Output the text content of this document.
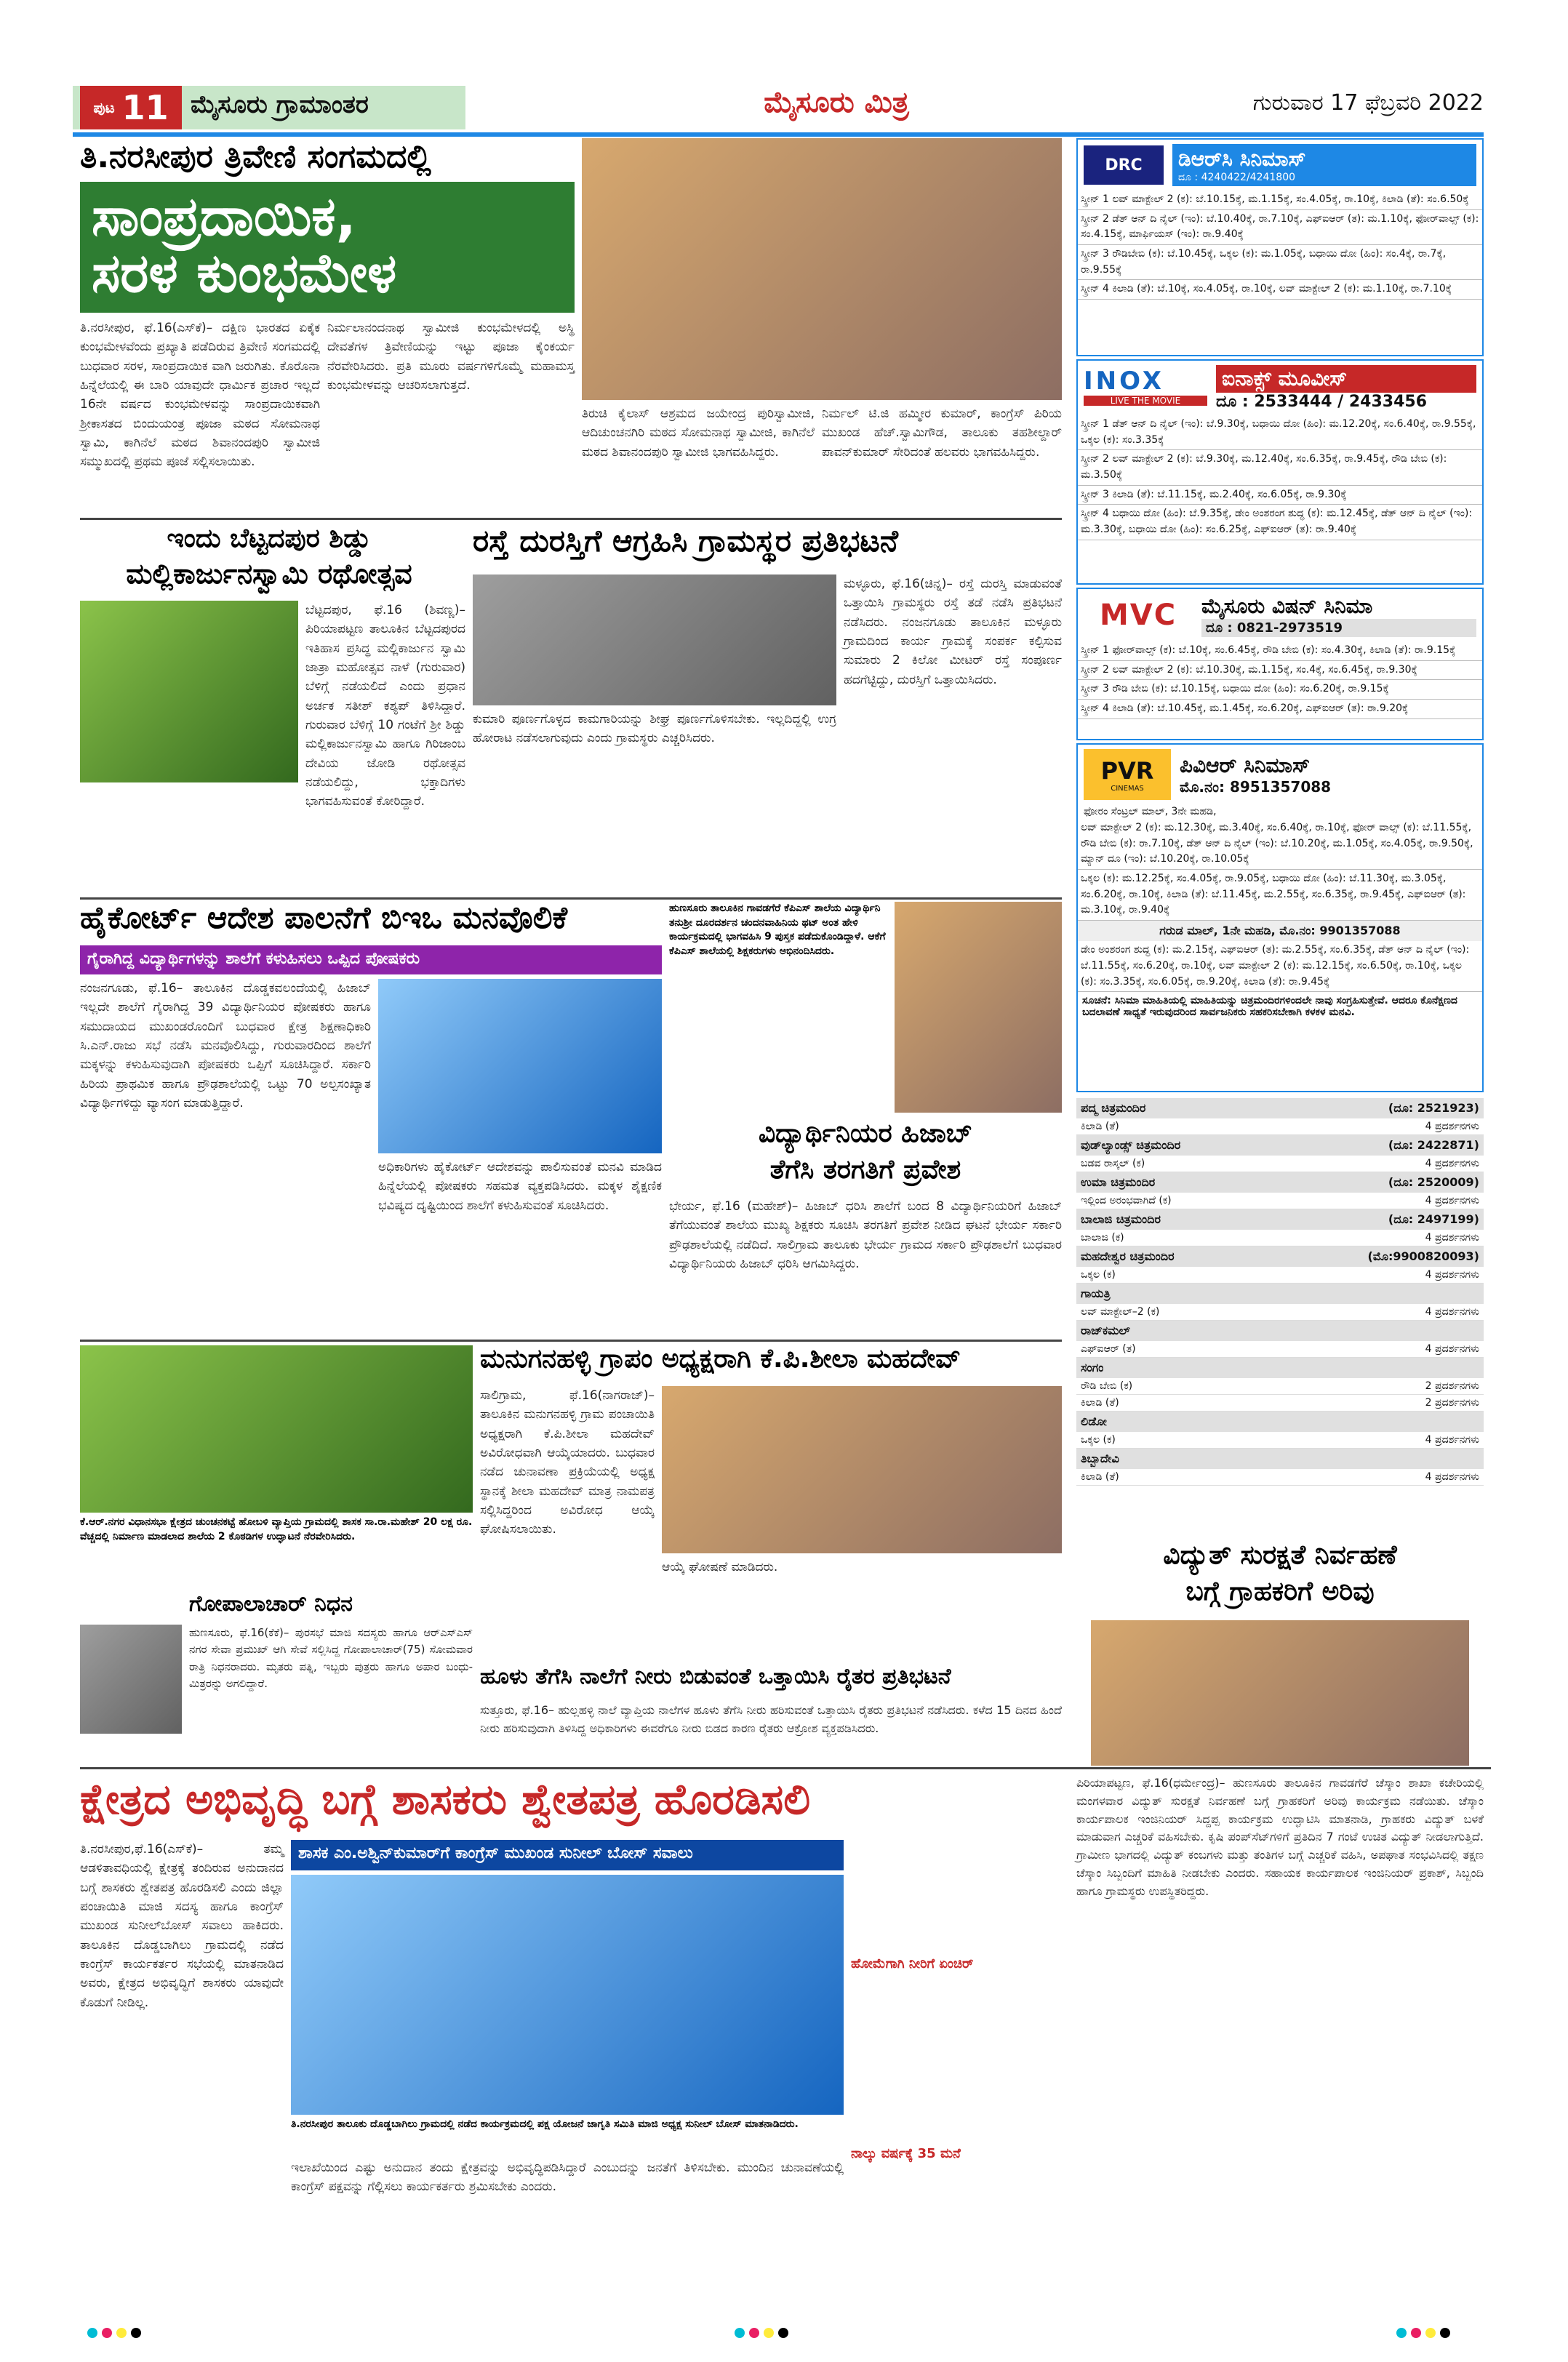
ಪುಟ 11 ಮೈಸೂರು ಗ್ರಾಮಾಂತರ	ಮೈಸೂರು ಮಿತ್ರ	ಗುರುವಾರ 17 ಫೆಬ್ರವರಿ 2022
ತಿ.ನರಸೀಪುರ ತ್ರಿವೇಣಿ ಸಂಗಮದಲ್ಲಿ
ಸಾಂಪ್ರದಾಯಿಕ,
ಸರಳ ಕುಂಭಮೇಳ
ತಿ.ನರಸೀಪುರ, ಫೆ.16(ಎಸ್‌ಕೆ)– ದಕ್ಷಿಣ ಭಾರತದ ಏಕೈಕ ಕುಂಭಮೇಳವೆಂದು ಪ್ರಖ್ಯಾತಿ ಪಡೆದಿರುವ ತ್ರಿವೇಣಿ ಸಂಗಮದಲ್ಲಿ ಬುಧವಾರ ಸರಳ, ಸಾಂಪ್ರದಾಯಿಕ ವಾಗಿ ಜರುಗಿತು. ಕೊರೊನಾ ಹಿನ್ನೆಲೆಯಲ್ಲಿ ಈ ಬಾರಿ ಯಾವುದೇ ಧಾರ್ಮಿಕ ಪ್ರಚಾರ ಇಲ್ಲದೆ 16ನೇ ವರ್ಷದ ಕುಂಭಮೇಳವನ್ನು ಸಾಂಪ್ರದಾಯಿಕವಾಗಿ ಶ್ರೀಕಾಸತದ ಬಿಂದುಯಂತ್ರ ಪೂಜಾ ಮಠದ ಸೋಮನಾಥ ಸ್ವಾಮಿ, ಕಾಗಿನೆಲೆ ಮಠದ ಶಿವಾನಂದಪುರಿ ಸ್ವಾಮೀಜಿ ಸಮ್ಮುಖದಲ್ಲಿ ಪ್ರಥಮ ಪೂಜೆ ಸಲ್ಲಿಸಲಾಯಿತು.
ನಿರ್ಮಲಾನಂದನಾಥ ಸ್ವಾಮೀಜಿ ಕುಂಭಮೇಳದಲ್ಲಿ ಅಸ್ಥಿ ದೇವತೆಗಳ ತ್ರಿವೇಣಿಯನ್ನು ಇಟ್ಟು ಪೂಜಾ ಕೈಂಕರ್ಯ ನೆರವೇರಿಸಿದರು. ಪ್ರತಿ ಮೂರು ವರ್ಷಗಳಿಗೊಮ್ಮೆ ಮಹಾಮಸ್ತ ಕುಂಭಮೇಳವನ್ನು ಆಚರಿಸಲಾಗುತ್ತದೆ.
ತಿರುಚಿ ಕೈಲಾಸ್ ಆಶ್ರಮದ ಜಯೇಂದ್ರ ಪುರಿಸ್ವಾಮೀಜಿ, ಆದಿಚುಂಚನಗಿರಿ ಮಠದ ಸೋಮನಾಥ ಸ್ವಾಮೀಜಿ, ಕಾಗಿನೆಲೆ ಮಠದ ಶಿವಾನಂದಪುರಿ ಸ್ವಾಮೀಜಿ ಭಾಗವಹಿಸಿದ್ದರು.
ನಿರ್ಮಲ್ ಟಿ.ಜಿ ಹಮ್ಮೀರ ಕುಮಾರ್, ಕಾಂಗ್ರೆಸ್ ಪಿರಿಯ ಮುಖಂಡ ಹೆಚ್.ಸ್ವಾಮಿಗೌಡ, ತಾಲೂಕು ತಹಶೀಲ್ದಾರ್ ಪಾವನ್‌ಕುಮಾರ್ ಸೇರಿದಂತೆ ಹಲವರು ಭಾಗವಹಿಸಿದ್ದರು.
ಇಂದು ಬೆಟ್ಟದಪುರ ಶಿಡ್ಡು
ಮಲ್ಲಿಕಾರ್ಜುನಸ್ವಾಮಿ ರಥೋತ್ಸವ
ಬೆಟ್ಟದಪುರ, ಫೆ.16 (ಶಿವಣ್ಣ)– ಪಿರಿಯಾಪಟ್ಟಣ ತಾಲೂಕಿನ ಬೆಟ್ಟದಪುರದ ಇತಿಹಾಸ ಪ್ರಸಿದ್ಧ ಮಲ್ಲಿಕಾರ್ಜುನ ಸ್ವಾಮಿ ಜಾತ್ರಾ ಮಹೋತ್ಸವ ನಾಳೆ (ಗುರುವಾರ) ಬೆಳಿಗ್ಗೆ ನಡೆಯಲಿದೆ ಎಂದು ಪ್ರಧಾನ ಅರ್ಚಕ ಸತೀಶ್ ಕಶ್ಯಪ್ ತಿಳಿಸಿದ್ದಾರೆ. ಗುರುವಾರ ಬೆಳಿಗ್ಗೆ 10 ಗಂಟೆಗೆ ಶ್ರೀ ಶಿಡ್ಡು ಮಲ್ಲಿಕಾರ್ಜುನಸ್ವಾಮಿ ಹಾಗೂ ಗಿರಿಜಾಂಬ ದೇವಿಯ ಜೋಡಿ ರಥೋತ್ಸವ ನಡೆಯಲಿದ್ದು, ಭಕ್ತಾದಿಗಳು ಭಾಗವಹಿಸುವಂತೆ ಕೋರಿದ್ದಾರೆ.
ರಸ್ತೆ ದುರಸ್ತಿಗೆ ಆಗ್ರಹಿಸಿ ಗ್ರಾಮಸ್ಥರ ಪ್ರತಿಭಟನೆ
ಮಳ್ಳೂರು, ಫೆ.16(ಚಿನ್ನ)– ರಸ್ತೆ ದುರಸ್ತಿ ಮಾಡುವಂತೆ ಒತ್ತಾಯಿಸಿ ಗ್ರಾಮಸ್ಥರು ರಸ್ತೆ ತಡೆ ನಡೆಸಿ ಪ್ರತಿಭಟನೆ ನಡೆಸಿದರು. ನಂಜನಗೂಡು ತಾಲೂಕಿನ ಮಳ್ಳೂರು ಗ್ರಾಮದಿಂದ ಕಾರ್ಯ ಗ್ರಾಮಕ್ಕೆ ಸಂಪರ್ಕ ಕಲ್ಪಿಸುವ ಸುಮಾರು 2 ಕಿಲೋ ಮೀಟರ್ ರಸ್ತೆ ಸಂಪೂರ್ಣ ಹದಗೆಟ್ಟಿದ್ದು, ದುರಸ್ತಿಗೆ ಒತ್ತಾಯಿಸಿದರು.
ಕುಮಾರಿ ಪೂರ್ಣಗೊಳ್ಳದ ಕಾಮಗಾರಿಯನ್ನು ಶೀಘ್ರ ಪೂರ್ಣಗೊಳಿಸಬೇಕು. ಇಲ್ಲದಿದ್ದಲ್ಲಿ ಉಗ್ರ ಹೋರಾಟ ನಡೆಸಲಾಗುವುದು ಎಂದು ಗ್ರಾಮಸ್ಥರು ಎಚ್ಚರಿಸಿದರು.
ಹೈಕೋರ್ಟ್ ಆದೇಶ ಪಾಲನೆಗೆ ಬಿಇಒ ಮನವೊಲಿಕೆ
ಗೈರಾಗಿದ್ದ ವಿದ್ಯಾರ್ಥಿಗಳನ್ನು ಶಾಲೆಗೆ ಕಳುಹಿಸಲು ಒಪ್ಪಿದ ಪೋಷಕರು
ನಂಜನಗೂಡು, ಫೆ.16– ತಾಲೂಕಿನ ದೊಡ್ಡಕವಲಂದೆಯಲ್ಲಿ ಹಿಜಾಬ್ ಇಲ್ಲದೇ ಶಾಲೆಗೆ ಗೈರಾಗಿದ್ದ 39 ವಿದ್ಯಾರ್ಥಿನಿಯರ ಪೋಷಕರು ಹಾಗೂ ಸಮುದಾಯದ ಮುಖಂಡರೊಂದಿಗೆ ಬುಧವಾರ ಕ್ಷೇತ್ರ ಶಿಕ್ಷಣಾಧಿಕಾರಿ ಸಿ.ಎನ್.ರಾಜು ಸಭೆ ನಡೆಸಿ ಮನವೊಲಿಸಿದ್ದು, ಗುರುವಾರದಿಂದ ಶಾಲೆಗೆ ಮಕ್ಕಳನ್ನು ಕಳುಹಿಸುವುದಾಗಿ ಪೋಷಕರು ಒಪ್ಪಿಗೆ ಸೂಚಿಸಿದ್ದಾರೆ. ಸರ್ಕಾರಿ ಹಿರಿಯ ಪ್ರಾಥಮಿಕ ಹಾಗೂ ಪ್ರೌಢಶಾಲೆಯಲ್ಲಿ ಒಟ್ಟು 70 ಅಲ್ಪಸಂಖ್ಯಾತ ವಿದ್ಯಾರ್ಥಿಗಳಿದ್ದು ವ್ಯಾಸಂಗ ಮಾಡುತ್ತಿದ್ದಾರೆ.
ಅಧಿಕಾರಿಗಳು ಹೈಕೋರ್ಟ್ ಆದೇಶವನ್ನು ಪಾಲಿಸುವಂತೆ ಮನವಿ ಮಾಡಿದ ಹಿನ್ನೆಲೆಯಲ್ಲಿ ಪೋಷಕರು ಸಹಮತ ವ್ಯಕ್ತಪಡಿಸಿದರು. ಮಕ್ಕಳ ಶೈಕ್ಷಣಿಕ ಭವಿಷ್ಯದ ದೃಷ್ಟಿಯಿಂದ ಶಾಲೆಗೆ ಕಳುಹಿಸುವಂತೆ ಸೂಚಿಸಿದರು.
ಹುಣಸೂರು ತಾಲೂಕಿನ ಗಾವಡಗೆರೆ ಕೆಪಿಎಸ್ ಶಾಲೆಯ ವಿದ್ಯಾರ್ಥಿನಿ ತನುಶ್ರೀ ದೂರದರ್ಶನ ಚಂದನವಾಹಿನಿಯ ಥಟ್ ಅಂತ ಹೇಳಿ ಕಾರ್ಯಕ್ರಮದಲ್ಲಿ ಭಾಗವಹಿಸಿ 9 ಪುಸ್ತಕ ಪಡೆದುಕೊಂಡಿದ್ದಾಳೆ. ಆಕೆಗೆ ಕೆಪಿಎಸ್ ಶಾಲೆಯಲ್ಲಿ ಶಿಕ್ಷಕರುಗಳು ಅಭಿನಂದಿಸಿದರು.
ವಿದ್ಯಾರ್ಥಿನಿಯರ ಹಿಜಾಬ್
ತೆಗೆಸಿ ತರಗತಿಗೆ ಪ್ರವೇಶ
ಭೇರ್ಯ, ಫೆ.16 (ಮಹೇಶ್)– ಹಿಜಾಬ್ ಧರಿಸಿ ಶಾಲೆಗೆ ಬಂದ 8 ವಿದ್ಯಾರ್ಥಿನಿಯರಿಗೆ ಹಿಜಾಬ್ ತೆಗೆಯುವಂತೆ ಶಾಲೆಯ ಮುಖ್ಯ ಶಿಕ್ಷಕರು ಸೂಚಿಸಿ ತರಗತಿಗೆ ಪ್ರವೇಶ ನೀಡಿದ ಘಟನೆ ಭೇರ್ಯ ಸರ್ಕಾರಿ ಪ್ರೌಢಶಾಲೆಯಲ್ಲಿ ನಡೆದಿದೆ. ಸಾಲಿಗ್ರಾಮ ತಾಲೂಕು ಭೇರ್ಯ ಗ್ರಾಮದ ಸರ್ಕಾರಿ ಪ್ರೌಢಶಾಲೆಗೆ ಬುಧವಾರ ವಿದ್ಯಾರ್ಥಿನಿಯರು ಹಿಜಾಬ್ ಧರಿಸಿ ಆಗಮಿಸಿದ್ದರು.
ಕೆ.ಆರ್.ನಗರ ವಿಧಾನಸಭಾ ಕ್ಷೇತ್ರದ ಚುಂಚನಕಟ್ಟೆ ಹೋಬಳಿ ವ್ಯಾಪ್ತಿಯ ಗ್ರಾಮದಲ್ಲಿ ಶಾಸಕ ಸಾ.ರಾ.ಮಹೇಶ್ 20 ಲಕ್ಷ ರೂ. ವೆಚ್ಚದಲ್ಲಿ ನಿರ್ಮಾಣ ಮಾಡಲಾದ ಶಾಲೆಯ 2 ಕೊಠಡಿಗಳ ಉದ್ಘಾಟನೆ ನೆರವೇರಿಸಿದರು.
ಮನುಗನಹಳ್ಳಿ ಗ್ರಾಪಂ ಅಧ್ಯಕ್ಷರಾಗಿ ಕೆ.ಪಿ.ಶೀಲಾ ಮಹದೇವ್
ಸಾಲಿಗ್ರಾಮ, ಫೆ.16(ನಾಗರಾಜ್)– ತಾಲೂಕಿನ ಮನುಗನಹಳ್ಳಿ ಗ್ರಾಮ ಪಂಚಾಯಿತಿ ಅಧ್ಯಕ್ಷರಾಗಿ ಕೆ.ಪಿ.ಶೀಲಾ ಮಹದೇವ್ ಅವಿರೋಧವಾಗಿ ಆಯ್ಕೆಯಾದರು. ಬುಧವಾರ ನಡೆದ ಚುನಾವಣಾ ಪ್ರಕ್ರಿಯೆಯಲ್ಲಿ ಅಧ್ಯಕ್ಷ ಸ್ಥಾನಕ್ಕೆ ಶೀಲಾ ಮಹದೇವ್ ಮಾತ್ರ ನಾಮಪತ್ರ ಸಲ್ಲಿಸಿದ್ದರಿಂದ ಅವಿರೋಧ ಆಯ್ಕೆ ಘೋಷಿಸಲಾಯಿತು.
ಆಯ್ಕೆ ಘೋಷಣೆ ಮಾಡಿದರು.
ಗೋಪಾಲಾಚಾರ್ ನಿಧನ
ಹುಣಸೂರು, ಫೆ.16(ಕೆಕೆ)– ಪುರಸಭೆ ಮಾಜಿ ಸದಸ್ಯರು ಹಾಗೂ ಆರ್‌ಎಸ್‌ಎಸ್ ನಗರ ಸೇವಾ ಪ್ರಮುಖ್ ಆಗಿ ಸೇವೆ ಸಲ್ಲಿಸಿದ್ದ ಗೋಪಾಲಾಚಾರ್(75) ಸೋಮವಾರ ರಾತ್ರಿ ನಿಧನರಾದರು. ಮೃತರು ಪತ್ನಿ, ಇಬ್ಬರು ಪುತ್ರರು ಹಾಗೂ ಅಪಾರ ಬಂಧು-ಮಿತ್ರರನ್ನು ಅಗಲಿದ್ದಾರೆ.	ಹೂಳು ತೆಗೆಸಿ ನಾಲೆಗೆ ನೀರು ಬಿಡುವಂತೆ ಒತ್ತಾಯಿಸಿ ರೈತರ ಪ್ರತಿಭಟನೆ
ಸುತ್ತೂರು, ಫೆ.16– ಹುಲ್ಲಹಳ್ಳಿ ನಾಲೆ ವ್ಯಾಪ್ತಿಯ ನಾಲೆಗಳ ಹೂಳು ತೆಗೆಸಿ ನೀರು ಹರಿಸುವಂತೆ ಒತ್ತಾಯಿಸಿ ರೈತರು ಪ್ರತಿಭಟನೆ ನಡೆಸಿದರು. ಕಳೆದ 15 ದಿನದ ಹಿಂದೆ ನೀರು ಹರಿಸುವುದಾಗಿ ತಿಳಿಸಿದ್ದ ಅಧಿಕಾರಿಗಳು ಈವರೆಗೂ ನೀರು ಬಿಡದ ಕಾರಣ ರೈತರು ಆಕ್ರೋಶ ವ್ಯಕ್ತಪಡಿಸಿದರು.
ಕ್ಷೇತ್ರದ ಅಭಿವೃದ್ಧಿ ಬಗ್ಗೆ ಶಾಸಕರು ಶ್ವೇತಪತ್ರ ಹೊರಡಿಸಲಿ
ತಿ.ನರಸೀಪುರ,ಫೆ.16(ಎಸ್‌ಕೆ)– ತಮ್ಮ ಆಡಳಿತಾವಧಿಯಲ್ಲಿ ಕ್ಷೇತ್ರಕ್ಕೆ ತಂದಿರುವ ಅನುದಾನದ ಬಗ್ಗೆ ಶಾಸಕರು ಶ್ವೇತಪತ್ರ ಹೊರಡಿಸಲಿ ಎಂದು ಜಿಲ್ಲಾ ಪಂಚಾಯಿತಿ ಮಾಜಿ ಸದಸ್ಯ ಹಾಗೂ ಕಾಂಗ್ರೆಸ್ ಮುಖಂಡ ಸುನೀಲ್‌ಬೋಸ್ ಸವಾಲು ಹಾಕಿದರು. ತಾಲೂಕಿನ ದೊಡ್ಡಬಾಗಿಲು ಗ್ರಾಮದಲ್ಲಿ ನಡೆದ ಕಾಂಗ್ರೆಸ್ ಕಾರ್ಯಕರ್ತರ ಸಭೆಯಲ್ಲಿ ಮಾತನಾಡಿದ ಅವರು, ಕ್ಷೇತ್ರದ ಅಭಿವೃದ್ಧಿಗೆ ಶಾಸಕರು ಯಾವುದೇ ಕೊಡುಗೆ ನೀಡಿಲ್ಲ.
ಶಾಸಕ ಎಂ.ಅಶ್ವಿನ್‌ಕುಮಾರ್‌ಗೆ ಕಾಂಗ್ರೆಸ್ ಮುಖಂಡ ಸುನೀಲ್ ಬೋಸ್ ಸವಾಲು
ತಿ.ನರಸೀಪುರ ತಾಲೂಕು ದೊಡ್ಡಬಾಗಿಲು ಗ್ರಾಮದಲ್ಲಿ ನಡೆದ ಕಾರ್ಯಕ್ರಮದಲ್ಲಿ ಪಕ್ಷ ಯೋಜನೆ ಜಾಗೃತಿ ಸಮಿತಿ ಮಾಜಿ ಅಧ್ಯಕ್ಷ ಸುನೀಲ್ ಬೋಸ್ ಮಾತನಾಡಿದರು.
ಇಲಾಖೆಯಿಂದ ಎಷ್ಟು ಅನುದಾನ ತಂದು ಕ್ಷೇತ್ರವನ್ನು ಅಭಿವೃದ್ಧಿಪಡಿಸಿದ್ದಾರೆ ಎಂಬುದನ್ನು ಜನತೆಗೆ ತಿಳಿಸಬೇಕು. ಮುಂದಿನ ಚುನಾವಣೆಯಲ್ಲಿ ಕಾಂಗ್ರೆಸ್ ಪಕ್ಷವನ್ನು ಗೆಲ್ಲಿಸಲು ಕಾರ್ಯಕರ್ತರು ಶ್ರಮಿಸಬೇಕು ಎಂದರು.
ಹೋಮೆಗಾಗಿ ನೀರಿಗೆ ಏಂಚಿರ್
ನಾಲ್ಕು ವರ್ಷಕ್ಕೆ 35 ಮನೆ
ವಿದ್ಯುತ್ ಸುರಕ್ಷತೆ ನಿರ್ವಹಣೆ
ಬಗ್ಗೆ ಗ್ರಾಹಕರಿಗೆ ಅರಿವು
ಪಿರಿಯಾಪಟ್ಟಣ, ಫೆ.16(ಧರ್ಮೇಂದ್ರ)– ಹುಣಸೂರು ತಾಲೂಕಿನ ಗಾವಡಗೆರೆ ಚೆಸ್ಕಾಂ ಶಾಖಾ ಕಚೇರಿಯಲ್ಲಿ ಮಂಗಳವಾರ ವಿದ್ಯುತ್ ಸುರಕ್ಷತೆ ನಿರ್ವಹಣೆ ಬಗ್ಗೆ ಗ್ರಾಹಕರಿಗೆ ಅರಿವು ಕಾರ್ಯಕ್ರಮ ನಡೆಯಿತು. ಚೆಸ್ಕಾಂ ಕಾರ್ಯಪಾಲಕ ಇಂಜಿನಿಯರ್ ಸಿದ್ದಪ್ಪ ಕಾರ್ಯಕ್ರಮ ಉದ್ಘಾಟಿಸಿ ಮಾತನಾಡಿ, ಗ್ರಾಹಕರು ವಿದ್ಯುತ್ ಬಳಕೆ ಮಾಡುವಾಗ ಎಚ್ಚರಿಕೆ ವಹಿಸಬೇಕು. ಕೃಷಿ ಪಂಪ್‌ಸೆಟ್‌ಗಳಿಗೆ ಪ್ರತಿದಿನ 7 ಗಂಟೆ ಉಚಿತ ವಿದ್ಯುತ್ ನೀಡಲಾಗುತ್ತಿದೆ. ಗ್ರಾಮೀಣ ಭಾಗದಲ್ಲಿ ವಿದ್ಯುತ್ ಕಂಬಗಳು ಮತ್ತು ತಂತಿಗಳ ಬಗ್ಗೆ ಎಚ್ಚರಿಕೆ ವಹಿಸಿ, ಅಪಘಾತ ಸಂಭವಿಸಿದಲ್ಲಿ ತಕ್ಷಣ ಚೆಸ್ಕಾಂ ಸಿಬ್ಬಂದಿಗೆ ಮಾಹಿತಿ ನೀಡಬೇಕು ಎಂದರು. ಸಹಾಯಕ ಕಾರ್ಯಪಾಲಕ ಇಂಜಿನಿಯರ್ ಪ್ರಕಾಶ್, ಸಿಬ್ಬಂದಿ ಹಾಗೂ ಗ್ರಾಮಸ್ಥರು ಉಪಸ್ಥಿತರಿದ್ದರು.
DRC	ಡಿಆರ್‌ಸಿ ಸಿನಿಮಾಸ್
ದೂ : 4240422/4241800
ಸ್ಕ್ರೀನ್ 1 ಲವ್ ಮಾಕ್ಟೇಲ್ 2 (ಕ): ಬೆ.10.15ಕ್ಕೆ, ಮ.1.15ಕ್ಕೆ, ಸಂ.4.05ಕ್ಕೆ, ರಾ.10ಕ್ಕೆ, ಕಿಲಾಡಿ (ತೆ): ಸಂ.6.50ಕ್ಕೆ
ಸ್ಕ್ರೀನ್ 2 ಡೆತ್ ಆನ್ ದಿ ನೈಲ್ (ಇಂ): ಬೆ.10.40ಕ್ಕೆ, ರಾ.7.10ಕ್ಕೆ, ಎಫ್‌ಐಆರ್ (ತ): ಮ.1.10ಕ್ಕೆ, ಫೋರ್‌ವಾಲ್ಸ್ (ಕ): ಸಂ.4.15ಕ್ಕೆ, ಮಾರ್ಫಿಯಸ್ (ಇಂ): ರಾ.9.40ಕ್ಕೆ
ಸ್ಕ್ರೀನ್ 3 ರೌಡಿಬೇಬಿ (ಕ): ಬೆ.10.45ಕ್ಕೆ, ಒಕ್ಕಲ (ಕ): ಮ.1.05ಕ್ಕೆ, ಬಧಾಯಿ ದೋ (ಹಿಂ): ಸಂ.4ಕ್ಕೆ, ರಾ.7ಕ್ಕೆ, ರಾ.9.55ಕ್ಕೆ
ಸ್ಕ್ರೀನ್ 4 ಕಿಲಾಡಿ (ತೆ): ಬೆ.10ಕ್ಕೆ, ಸಂ.4.05ಕ್ಕೆ, ರಾ.10ಕ್ಕೆ, ಲವ್ ಮಾಕ್ಟೇಲ್ 2 (ಕ): ಮ.1.10ಕ್ಕೆ, ರಾ.7.10ಕ್ಕೆ
INOX
LIVE THE MOVIE
ಐನಾಕ್ಸ್ ಮೂವೀಸ್
ದೂ : 2533444 / 2433456
ಸ್ಕ್ರೀನ್ 1 ಡೆತ್ ಆನ್ ದಿ ನೈಲ್ (ಇಂ): ಬೆ.9.30ಕ್ಕೆ, ಬಧಾಯಿ ದೋ (ಹಿಂ): ಮ.12.20ಕ್ಕೆ, ಸಂ.6.40ಕ್ಕೆ, ರಾ.9.55ಕ್ಕೆ, ಒಕ್ಕಲ (ಕ): ಸಂ.3.35ಕ್ಕೆ
ಸ್ಕ್ರೀನ್ 2 ಲವ್ ಮಾಕ್ಟೇಲ್ 2 (ಕ): ಬೆ.9.30ಕ್ಕೆ, ಮ.12.40ಕ್ಕೆ, ಸಂ.6.35ಕ್ಕೆ, ರಾ.9.45ಕ್ಕೆ, ರೌಡಿ ಬೇಬಿ (ಕ): ಮ.3.50ಕ್ಕೆ
ಸ್ಕ್ರೀನ್ 3 ಕಿಲಾಡಿ (ತೆ): ಬೆ.11.15ಕ್ಕೆ, ಮ.2.40ಕ್ಕೆ, ಸಂ.6.05ಕ್ಕೆ, ರಾ.9.30ಕ್ಕೆ
ಸ್ಕ್ರೀನ್ 4 ಬಧಾಯಿ ದೋ (ಹಿಂ): ಬೆ.9.35ಕ್ಕೆ, ಡೇಂ ಅಂಶರಂಗ ಶುದ್ಧ (ಕ): ಮ.12.45ಕ್ಕೆ, ಡೆತ್ ಆನ್ ದಿ ನೈಲ್ (ಇಂ): ಮ.3.30ಕ್ಕೆ, ಬಧಾಯಿ ದೋ (ಹಿಂ): ಸಂ.6.25ಕ್ಕೆ, ಎಫ್‌ಐಆರ್ (ತ): ರಾ.9.40ಕ್ಕೆ
MVC	ಮೈಸೂರು ವಿಷನ್ ಸಿನಿಮಾ
ದೂ : 0821-2973519
ಸ್ಕ್ರೀನ್ 1 ಫೋರ್‌ವಾಲ್ಸ್ (ಕ): ಬೆ.10ಕ್ಕೆ, ಸಂ.6.45ಕ್ಕೆ, ರೌಡಿ ಬೇಬಿ (ಕ): ಸಂ.4.30ಕ್ಕೆ, ಕಿಲಾಡಿ (ತೆ): ರಾ.9.15ಕ್ಕೆ
ಸ್ಕ್ರೀನ್ 2 ಲವ್ ಮಾಕ್ಟೇಲ್ 2 (ಕ): ಬೆ.10.30ಕ್ಕೆ, ಮ.1.15ಕ್ಕೆ, ಸಂ.4ಕ್ಕೆ, ಸಂ.6.45ಕ್ಕೆ, ರಾ.9.30ಕ್ಕೆ
ಸ್ಕ್ರೀನ್ 3 ರೌಡಿ ಬೇಬಿ (ಕ): ಬೆ.10.15ಕ್ಕೆ, ಬಧಾಯಿ ದೋ (ಹಿಂ): ಸಂ.6.20ಕ್ಕೆ, ರಾ.9.15ಕ್ಕೆ
ಸ್ಕ್ರೀನ್ 4 ಕಿಲಾಡಿ (ತೆ): ಬೆ.10.45ಕ್ಕೆ, ಮ.1.45ಕ್ಕೆ, ಸಂ.6.20ಕ್ಕೆ, ಎಫ್‌ಐಆರ್ (ತ): ರಾ.9.20ಕ್ಕೆ
PVR
CINEMAS
ಪಿವಿಆರ್ ಸಿನಿಮಾಸ್
ಮೊ.ನಂ: 8951357088
ಫೋರಂ ಸೆಂಟ್ರಲ್ ಮಾಲ್, 3ನೇ ಮಹಡಿ,
ಲವ್ ಮಾಕ್ಟೇಲ್ 2 (ಕ): ಮ.12.30ಕ್ಕೆ, ಮ.3.40ಕ್ಕೆ, ಸಂ.6.40ಕ್ಕೆ, ರಾ.10ಕ್ಕೆ, ಫೋರ್ ವಾಲ್ಸ್ (ಕ): ಬೆ.11.55ಕ್ಕೆ, ರೌಡಿ ಬೇಬಿ (ಕ): ರಾ.7.10ಕ್ಕೆ, ಡೆತ್ ಆನ್ ದಿ ನೈಲ್ (ಇಂ): ಬೆ.10.20ಕ್ಕೆ, ಮ.1.05ಕ್ಕೆ, ಸಂ.4.05ಕ್ಕೆ, ರಾ.9.50ಕ್ಕೆ, ಮ್ಯಾನ್ ದೂ (ಇಂ): ಬೆ.10.20ಕ್ಕೆ, ರಾ.10.05ಕ್ಕೆ
ಒಕ್ಕಲ (ಕ): ಮ.12.25ಕ್ಕೆ, ಸಂ.4.05ಕ್ಕೆ, ರಾ.9.05ಕ್ಕೆ, ಬಧಾಯಿ ದೋ (ಹಿಂ): ಬೆ.11.30ಕ್ಕೆ, ಮ.3.05ಕ್ಕೆ, ಸಂ.6.20ಕ್ಕೆ, ರಾ.10ಕ್ಕೆ, ಕಿಲಾಡಿ (ತೆ): ಬೆ.11.45ಕ್ಕೆ, ಮ.2.55ಕ್ಕೆ, ಸಂ.6.35ಕ್ಕೆ, ರಾ.9.45ಕ್ಕೆ, ಎಫ್‌ಐಆರ್ (ತ): ಮ.3.10ಕ್ಕೆ, ರಾ.9.40ಕ್ಕೆ
ಗರುಡ ಮಾಲ್, 1ನೇ ಮಹಡಿ, ಮೊ.ನಂ: 9901357088
ಡೇಂ ಅಂಶರಂಗ ಶುದ್ಧ (ಕ): ಮ.2.15ಕ್ಕೆ, ಎಫ್‌ಐಆರ್ (ತ): ಮ.2.55ಕ್ಕೆ, ಸಂ.6.35ಕ್ಕೆ, ಡೆತ್ ಆನ್ ದಿ ನೈಲ್ (ಇಂ): ಬೆ.11.55ಕ್ಕೆ, ಸಂ.6.20ಕ್ಕೆ, ರಾ.10ಕ್ಕೆ, ಲವ್ ಮಾಕ್ಟೇಲ್ 2 (ಕ): ಮ.12.15ಕ್ಕೆ, ಸಂ.6.50ಕ್ಕೆ, ರಾ.10ಕ್ಕೆ, ಒಕ್ಕಲ (ಕ): ಸಂ.3.35ಕ್ಕೆ, ಸಂ.6.05ಕ್ಕೆ, ರಾ.9.20ಕ್ಕೆ, ಕಿಲಾಡಿ (ತೆ): ರಾ.9.45ಕ್ಕೆ
ಸೂಚನೆ: ಸಿನಿಮಾ ಮಾಹಿತಿಯಲ್ಲಿ ಮಾಹಿತಿಯನ್ನು ಚಿತ್ರಮಂದಿರಗಳಿಂದಲೇ ನಾವು ಸಂಗ್ರಹಿಸುತ್ತೇವೆ. ಆದರೂ ಕೊನೆಕ್ಷಣದ ಬದಲಾವಣೆ ಸಾಧ್ಯತೆ ಇರುವುದರಿಂದ ಸಾರ್ವಜನಿಕರು ಸಹಕರಿಸಬೇಕಾಗಿ ಕಳಕಳ ಮನವಿ.
ಪದ್ಮ ಚಿತ್ರಮಂದಿರ	(ದೂ: 2521923)
ಕಿಲಾಡಿ (ತೆ)	4 ಪ್ರದರ್ಶನಗಳು
ವುಡ್‌ಲ್ಯಾಂಡ್ಸ್ ಚಿತ್ರಮಂದಿರ	(ದೂ: 2422871)
ಬಡವ ರಾಸ್ಕಲ್ (ಕ)	4 ಪ್ರದರ್ಶನಗಳು
ಉಮಾ ಚಿತ್ರಮಂದಿರ	(ದೂ: 2520009)
ಇಲ್ಲಿಂದ ಅರಂಭವಾಗಿದೆ (ಕ)	4 ಪ್ರದರ್ಶನಗಳು
ಬಾಲಾಜಿ ಚಿತ್ರಮಂದಿರ	(ದೂ: 2497199)
ಬಾಲಾಜಿ (ಕ)	4 ಪ್ರದರ್ಶನಗಳು
ಮಹದೇಶ್ವರ ಚಿತ್ರಮಂದಿರ	(ಮೊ:9900820093)
ಒಕ್ಕಲ (ಕ)	4 ಪ್ರದರ್ಶನಗಳು
ಗಾಯತ್ರಿ
ಲವ್ ಮಾಕ್ಟೇಲ್–2 (ಕ)	4 ಪ್ರದರ್ಶನಗಳು
ರಾಜ್‌ಕಮಲ್
ಎಫ್‌ಐಆರ್ (ತ)	4 ಪ್ರದರ್ಶನಗಳು
ಸಂಗಂ
ರೌಡಿ ಬೇಬಿ (ಕ)	2 ಪ್ರದರ್ಶನಗಳು
ಕಿಲಾಡಿ (ತೆ)	2 ಪ್ರದರ್ಶನಗಳು
ಲಿಡೋ
ಒಕ್ಕಲ (ಕ)	4 ಪ್ರದರ್ಶನಗಳು
ತಿಬ್ಬಾದೇವಿ
ಕಿಲಾಡಿ (ತೆ)	4 ಪ್ರದರ್ಶನಗಳು
